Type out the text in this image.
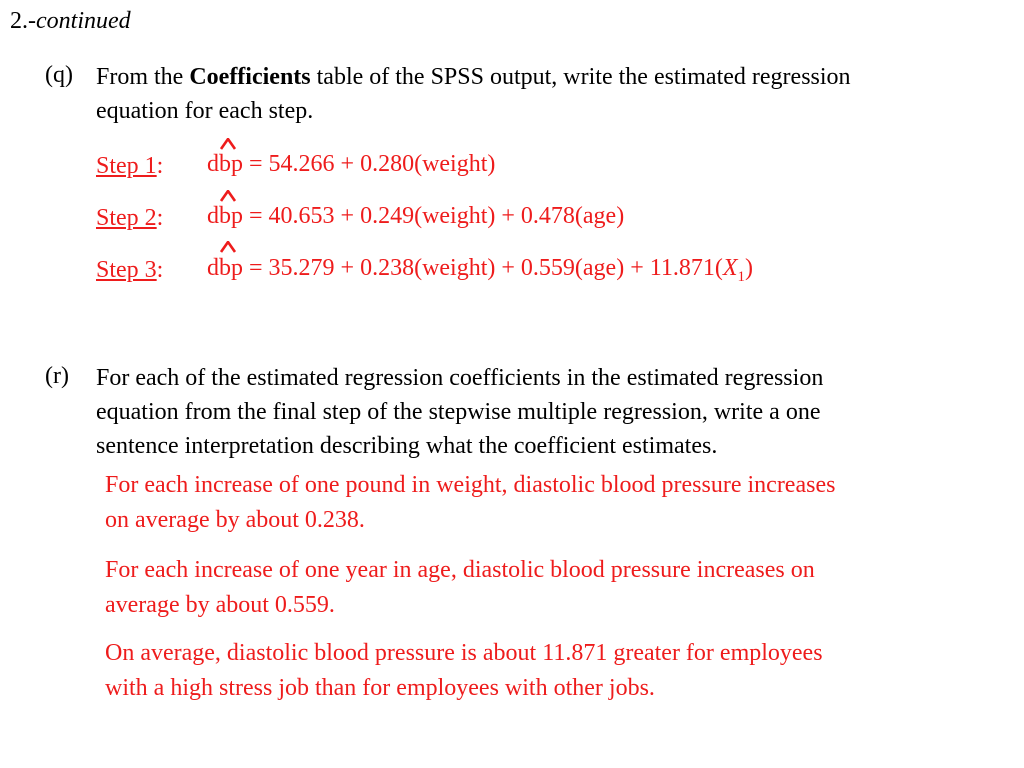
2.-continued
(q) From the Coefficients table of the SPSS output, write the estimated regression
equation for each step.
Step 1: dbp = 54.266 + 0.280(weight)
Step 2: dbp = 40.653 + 0.249(weight) + 0.478(age)
Step 3: dbp = 35.279 + 0.238(weight) + $0.559(age) + 11.871(X_1)$
(r) For each of the estimated regression coefficients in the estimated regression
equation from the final step of the stepwise multiple regression, write a one
sentence interpretation describing what the coefficient estimates.
For each increase of one pound in weight, diastolic blood pressure increases
on average by about 0.238.
For each increase of one year in age, diastolic blood pressure increases on
average by about 0.559.
On average, diastolic blood pressure is about 11.871 greater for employees
with a high stress job than for employees with other jobs.
